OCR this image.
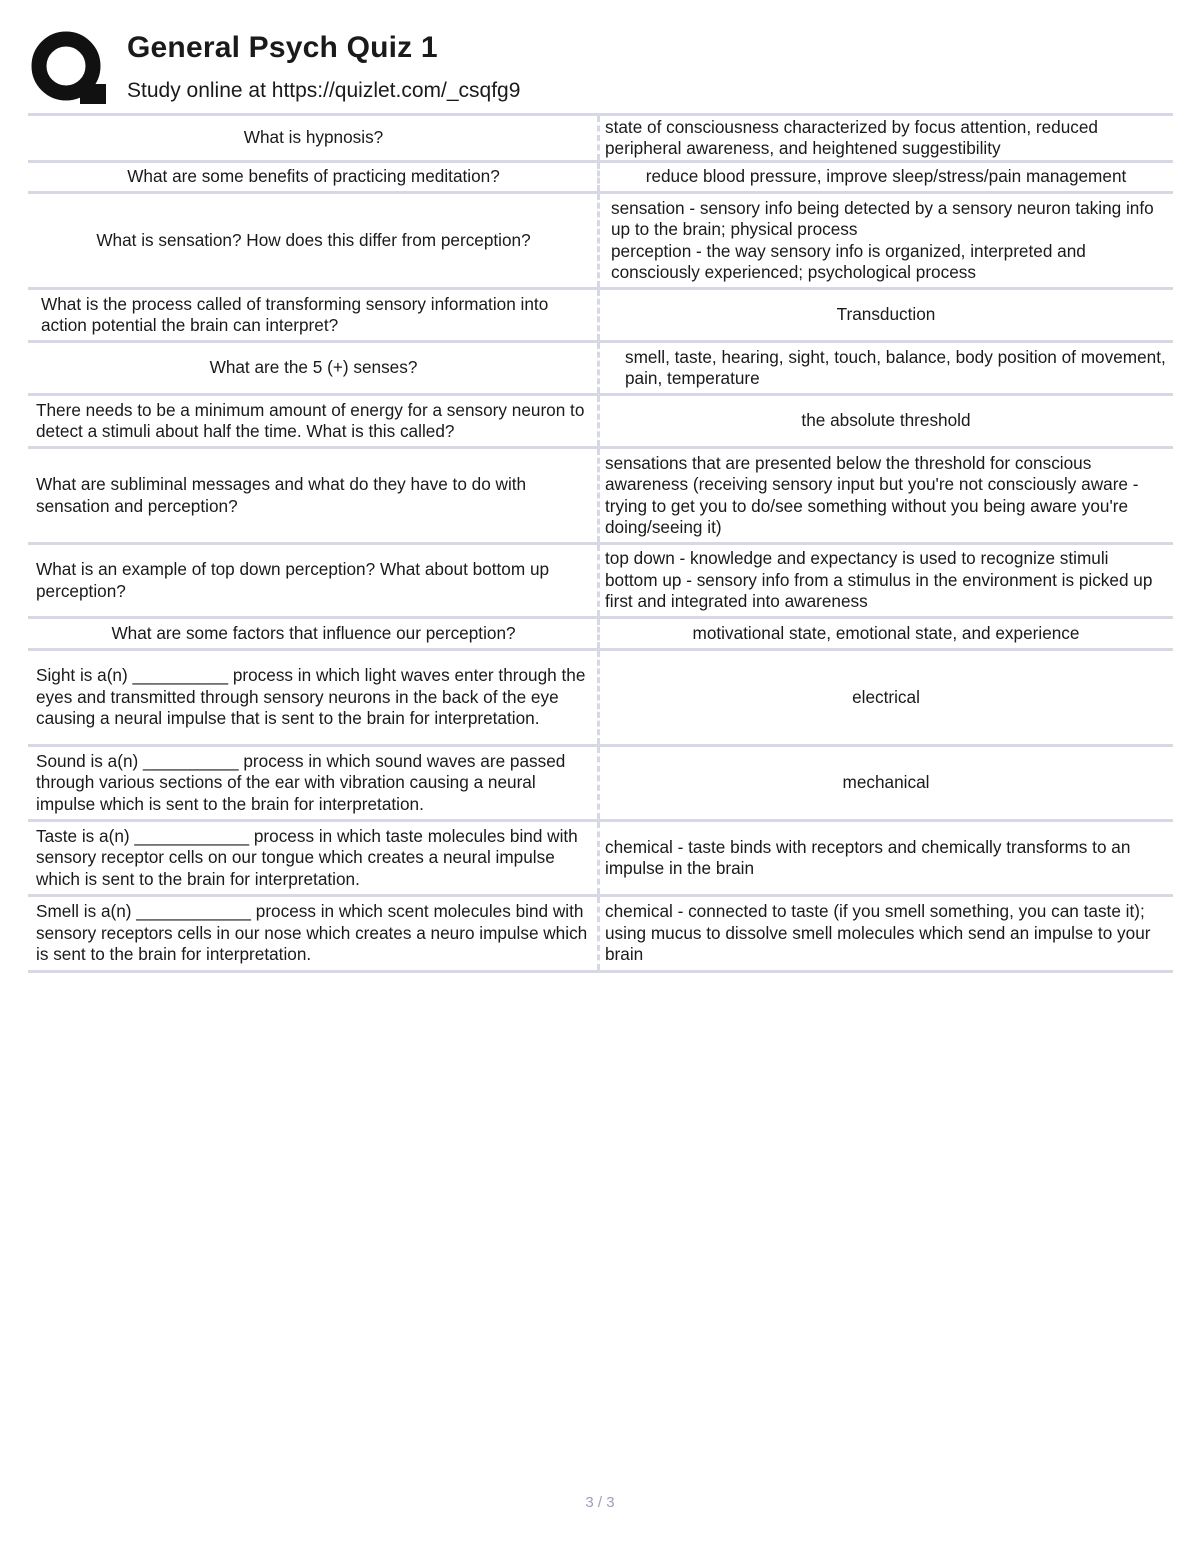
General Psych Quiz 1
Study online at https://quizlet.com/_csqfg9
What is hypnosis?
state of consciousness characterized by focus attention, reduced peripheral awareness, and heightened suggestibility
What are some benefits of practicing meditation?	reduce blood pressure, improve sleep/stress/pain management
What is sensation? How does this differ from perception?
sensation - sensory info being detected by a sensory neuron taking info up to the brain; physical process
perception - the way sensory info is organized, interpreted and consciously experienced; psychological process
What is the process called of transforming sensory information into action potential the brain can interpret?
Transduction
What are the 5 (+) senses?
smell, taste, hearing, sight, touch, balance, body position of movement, pain, temperature
There needs to be a minimum amount of energy for a sensory neuron to detect a stimuli about half the time. What is this called?
the absolute threshold
What are subliminal messages and what do they have to do with sensation and perception?
sensations that are presented below the threshold for conscious awareness (receiving sensory input but you're not consciously aware - trying to get you to do/see something without you being aware you're doing/seeing it)
What is an example of top down perception? What about bottom up perception?
top down - knowledge and expectancy is used to recognize stimuli
bottom up - sensory info from a stimulus in the environment is picked up first and integrated into awareness
What are some factors that influence our perception?	motivational state, emotional state, and experience
Sight is a(n) __________ process in which light waves enter through the eyes and transmitted through sensory neurons in the back of the eye causing a neural impulse that is sent to the brain for interpretation.
electrical
Sound is a(n) __________ process in which sound waves are passed through various sections of the ear with vibration causing a neural impulse which is sent to the brain for interpretation.
mechanical
Taste is a(n) ____________ process in which taste molecules bind with sensory receptor cells on our tongue which creates a neural impulse which is sent to the brain for interpretation.
chemical - taste binds with receptors and chemically transforms to an impulse in the brain
Smell is a(n) ____________ process in which scent molecules bind with sensory receptors cells in our nose which creates a neuro impulse which is sent to the brain for interpretation.
chemical - connected to taste (if you smell something, you can taste it); using mucus to dissolve smell molecules which send an impulse to your brain
3 / 3
